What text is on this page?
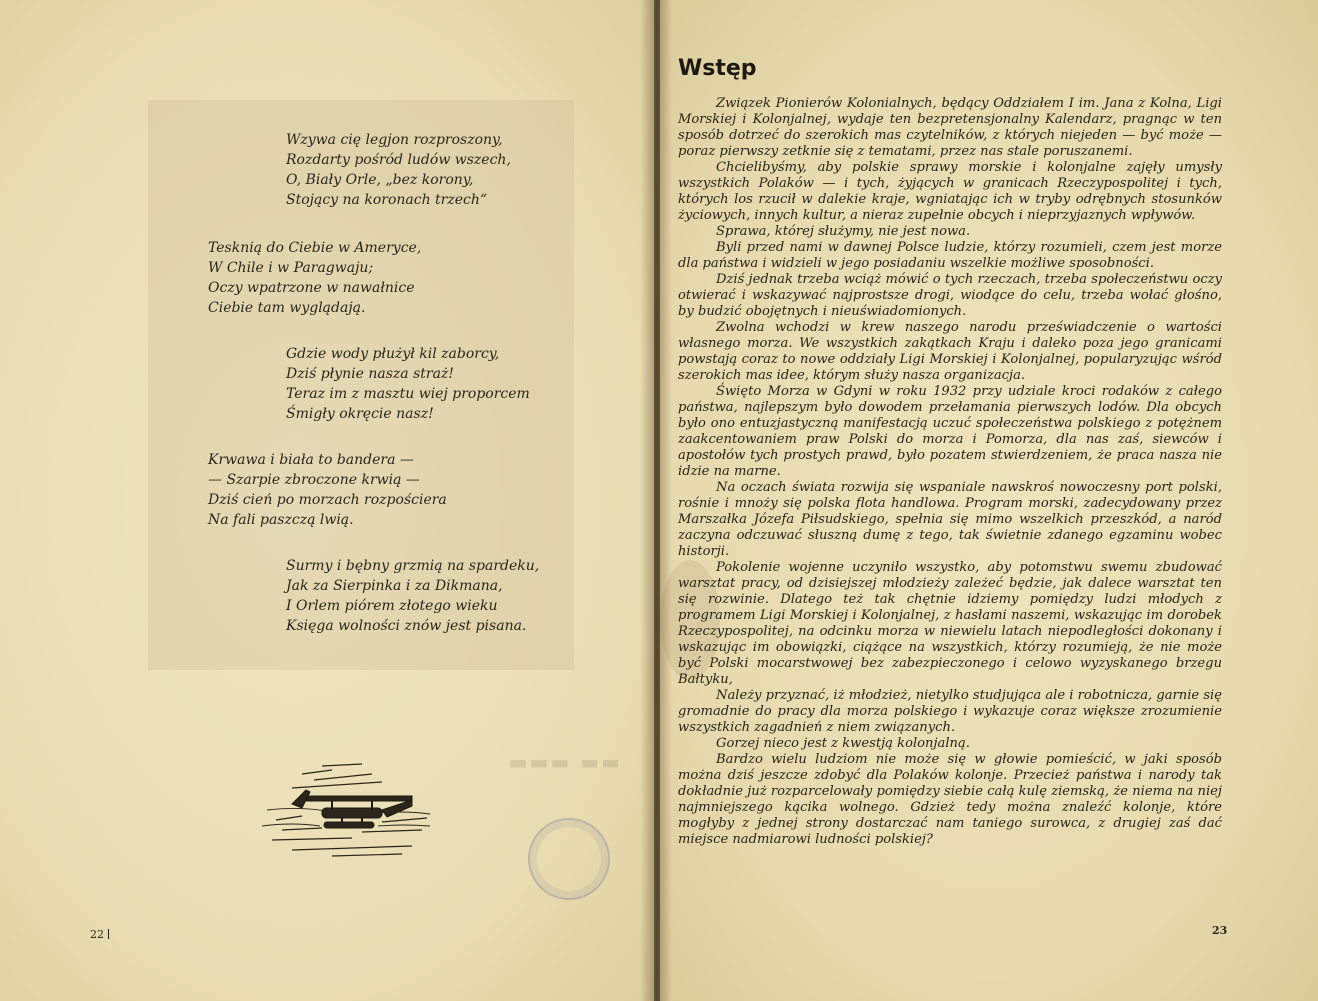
▬▬ ▬▬▬
Wzywa cię legjon rozproszony,
Rozdarty pośród ludów wszech,
O, Biały Orle, „bez korony,
Stojący na koronach trzech“
Tesknią do Ciebie w Ameryce,
W Chile i w Paragwaju;
Oczy wpatrzone w nawałnice
Ciebie tam wyglądają.
Gdzie wody płużył kil zaborcy,
Dziś płynie nasza straż!
Teraz im z masztu wiej proporcem
Śmigły okręcie nasz!
Krwawa i biała to bandera —
— Szarpie zbroczone krwią —
Dziś cień po morzach rozpościera
Na fali paszczą lwią.
Surmy i bębny grzmią na spardeku,
Jak za Sierpinka i za Dikmana,
I Orlem piórem złotego wieku
Księga wolności znów jest pisana.
22
Wstęp

Związek Pionierów Kolonialnych, będący Oddziałem I im. Jana z Kolna, Ligi Morskiej i Kolonjalnej, wydaje ten bezpretensjonalny Kalendarz, pragnąc w ten sposób dotrzeć do szerokich mas czytelników, z których niejeden — być może — poraz pierwszy zetknie się z tematami, przez nas stale poruszanemi.

Chcielibyśmy, aby polskie sprawy morskie i kolonjalne zajęły umysły wszystkich Polaków — i tych, żyjących w granicach Rzeczypospolitej i tych, których los rzucił w dalekie kraje, wgniatając ich w tryby odrębnych stosunków życiowych, innych kultur, a nieraz zupełnie obcych i nieprzyjaznych wpływów.

Sprawa, której służymy, nie jest nowa.

Byli przed nami w dawnej Polsce ludzie, którzy rozumieli, czem jest morze dla państwa i widzieli w jego posiadaniu wszelkie możliwe sposobności.

Dziś jednak trzeba wciąż mówić o tych rzeczach, trzeba społeczeństwu oczy otwierać i wskazywać najprostsze drogi, wiodące do celu, trzeba wołać głośno, by budzić obojętnych i nieuświadomionych.

Zwolna wchodzi w krew naszego narodu przeświadczenie o wartości własnego morza. We wszystkich zakątkach Kraju i daleko poza jego granicami powstają coraz to nowe oddziały Ligi Morskiej i Kolonjalnej, popularyzując wśród szerokich mas idee, którym służy nasza organizacja.

Święto Morza w Gdyni w roku 1932 przy udziale kroci rodaków z całego państwa, najlepszym było dowodem przełamania pierwszych lodów. Dla obcych było ono entuzjastyczną manifestacją uczuć społeczeństwa polskiego z potężnem zaakcentowaniem praw Polski do morza i Pomorza, dla nas zaś, siewców i apostołów tych prostych prawd, było pozatem stwierdzeniem, że praca nasza nie idzie na marne.

Na oczach świata rozwija się wspaniale nawskroś nowoczesny port polski, rośnie i mnoży się polska flota handlowa. Program morski, zadecydowany przez Marszałka Józefa Piłsudskiego, spełnia się mimo wszelkich przeszkód, a naród zaczyna odczuwać słuszną dumę z tego, tak świetnie zdanego egzaminu wobec historji.

Pokolenie wojenne uczyniło wszystko, aby potomstwu swemu zbudować warsztat pracy, od dzisiejszej młodzieży zależeć będzie, jak dalece warsztat ten się rozwinie. Dlatego też tak chętnie idziemy pomiędzy ludzi młodych z programem Ligi Morskiej i Kolonjalnej, z hasłami naszemi, wskazując im dorobek Rzeczypospolitej, na odcinku morza w niewielu latach niepodległości dokonany i wskazując im obowiązki, ciążące na wszystkich, którzy rozumieją, że nie może być Polski mocarstwowej bez zabezpieczonego i celowo wyzyskanego brzegu Bałtyku,

Należy przyznać, iż młodzież, nietylko studjująca ale i robotnicza, garnie się gromadnie do pracy dla morza polskiego i wykazuje coraz większe zrozumienie wszystkich zagadnień z niem związanych.

Gorzej nieco jest z kwestją kolonjalną.

Bardzo wielu ludziom nie może się w głowie pomieścić, w jaki sposób można dziś jeszcze zdobyć dla Polaków kolonje. Przecież państwa i narody tak dokładnie już rozparcelowały pomiędzy siebie całą kulę ziemską, że niema na niej najmniejszego kącika wolnego. Gdzież tedy można znaleźć kolonje, które mogłyby z jednej strony dostarczać nam taniego surowca, z drugiej zaś dać miejsce nadmiarowi ludności polskiej?

23
